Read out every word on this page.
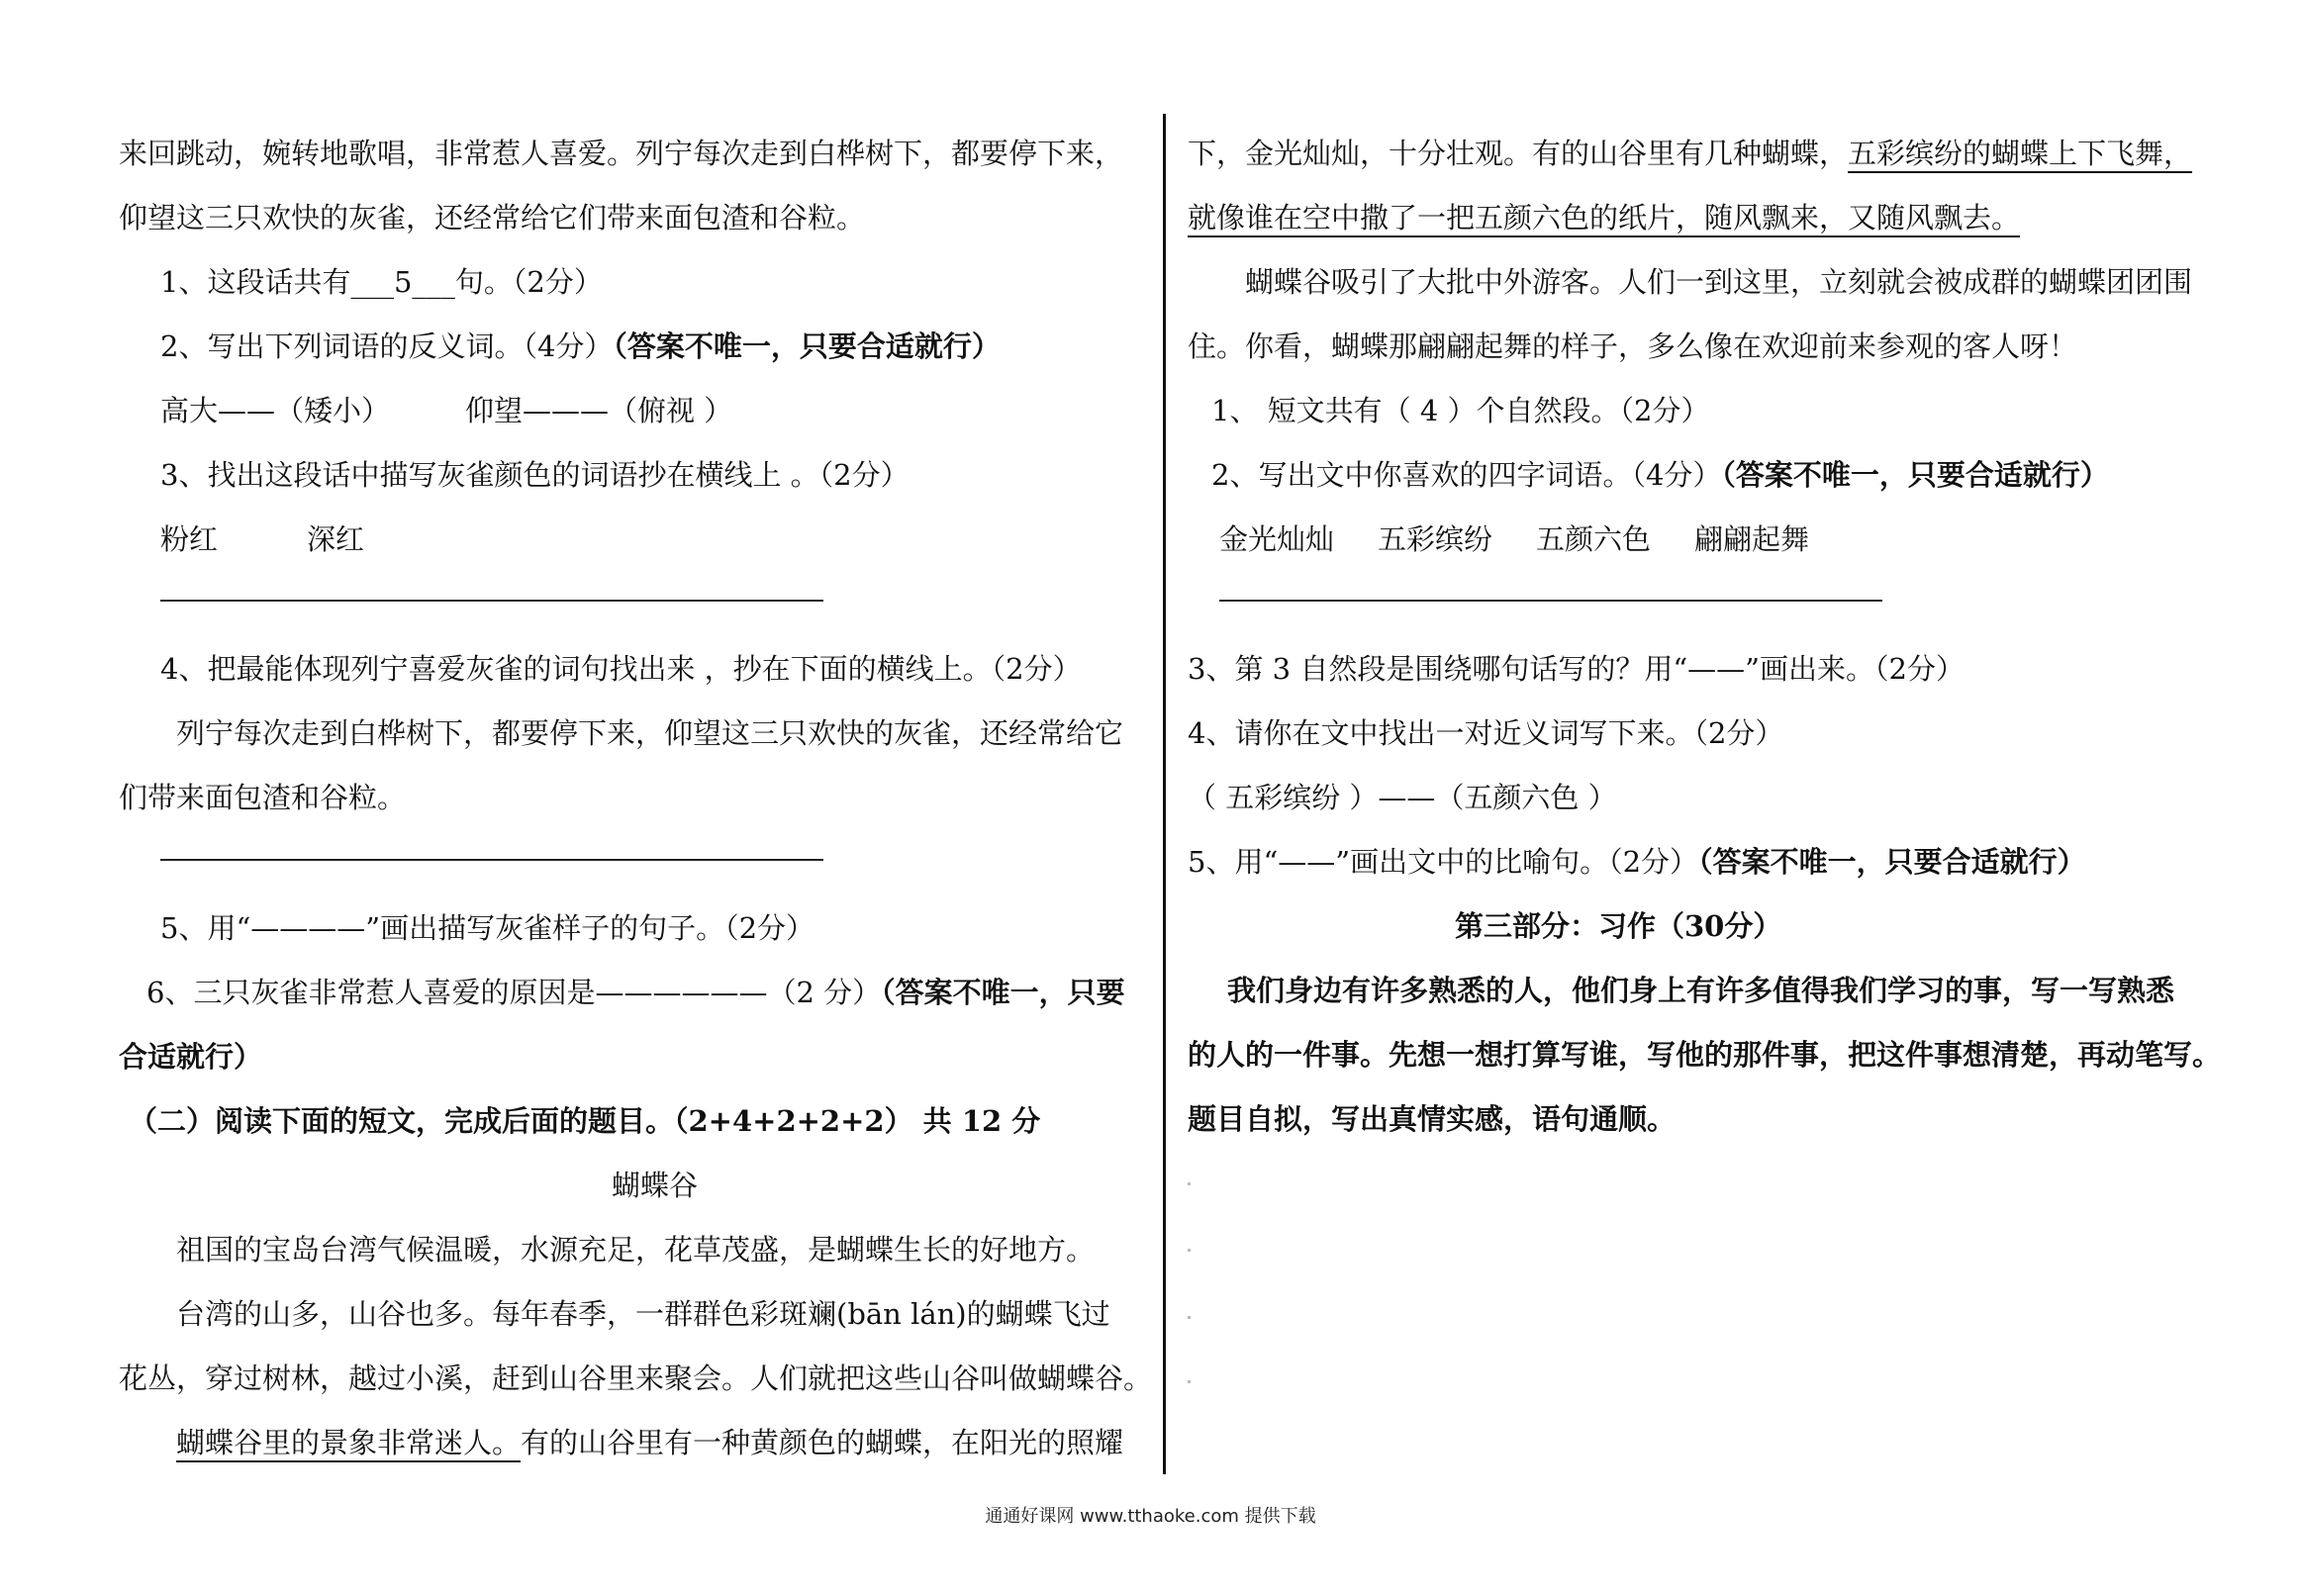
来回跳动，婉转地歌唱，非常惹人喜爱。列宁每次走到白桦树下，都要停下来，
仰望这三只欢快的灰雀，还经常给它们带来面包渣和谷粒。
1、这段话共有___5___句。（2分）
2、写出下列词语的反义词。（4分）（答案不唯一，只要合适就行）
高大——（矮小）	仰望———（俯视 ）
3、找出这段话中描写灰雀颜色的词语抄在横线上 。（2分）
粉红	深红
4、把最能体现列宁喜爱灰雀的词句找出来 ，抄在下面的横线上。（2分）
列宁每次走到白桦树下，都要停下来，仰望这三只欢快的灰雀，还经常给它
们带来面包渣和谷粒。
5、用“————”画出描写灰雀样子的句子。（2分）
6、三只灰雀非常惹人喜爱的原因是——————（2 分）（答案不唯一，只要
合适就行）
（二）阅读下面的短文，完成后面的题目。（2+4+2+2+2） 共 12 分
蝴蝶谷
祖国的宝岛台湾气候温暖，水源充足，花草茂盛，是蝴蝶生长的好地方。
台湾的山多，山谷也多。每年春季，一群群色彩斑斓(bān lán)的蝴蝶飞过
花丛，穿过树林，越过小溪，赶到山谷里来聚会。人们就把这些山谷叫做蝴蝶谷。
蝴蝶谷里的景象非常迷人。有的山谷里有一种黄颜色的蝴蝶，在阳光的照耀
下，金光灿灿，十分壮观。有的山谷里有几种蝴蝶，五彩缤纷的蝴蝶上下飞舞，
就像谁在空中撒了一把五颜六色的纸片，随风飘来，又随风飘去。
蝴蝶谷吸引了大批中外游客。人们一到这里，立刻就会被成群的蝴蝶团团围
住。你看，蝴蝶那翩翩起舞的样子，多么像在欢迎前来参观的客人呀！
1、 短文共有（ 4 ）个自然段。（2分）
2、写出文中你喜欢的四字词语。（4分）（答案不唯一，只要合适就行）
金光灿灿 五彩缤纷 五颜六色 翩翩起舞
3、第 3 自然段是围绕哪句话写的？用“——”画出来。（2分）
4、请你在文中找出一对近义词写下来。（2分）
（ 五彩缤纷 ）——（五颜六色 ）
5、用“——”画出文中的比喻句。（2分）（答案不唯一，只要合适就行）
第三部分：习作（30分）
我们身边有许多熟悉的人，他们身上有许多值得我们学习的事，写一写熟悉
的人的一件事。先想一想打算写谁，写他的那件事，把这件事想清楚，再动笔写。
题目自拟，写出真情实感，语句通顺。
通通好课网 www.tthaoke.com 提供下载
